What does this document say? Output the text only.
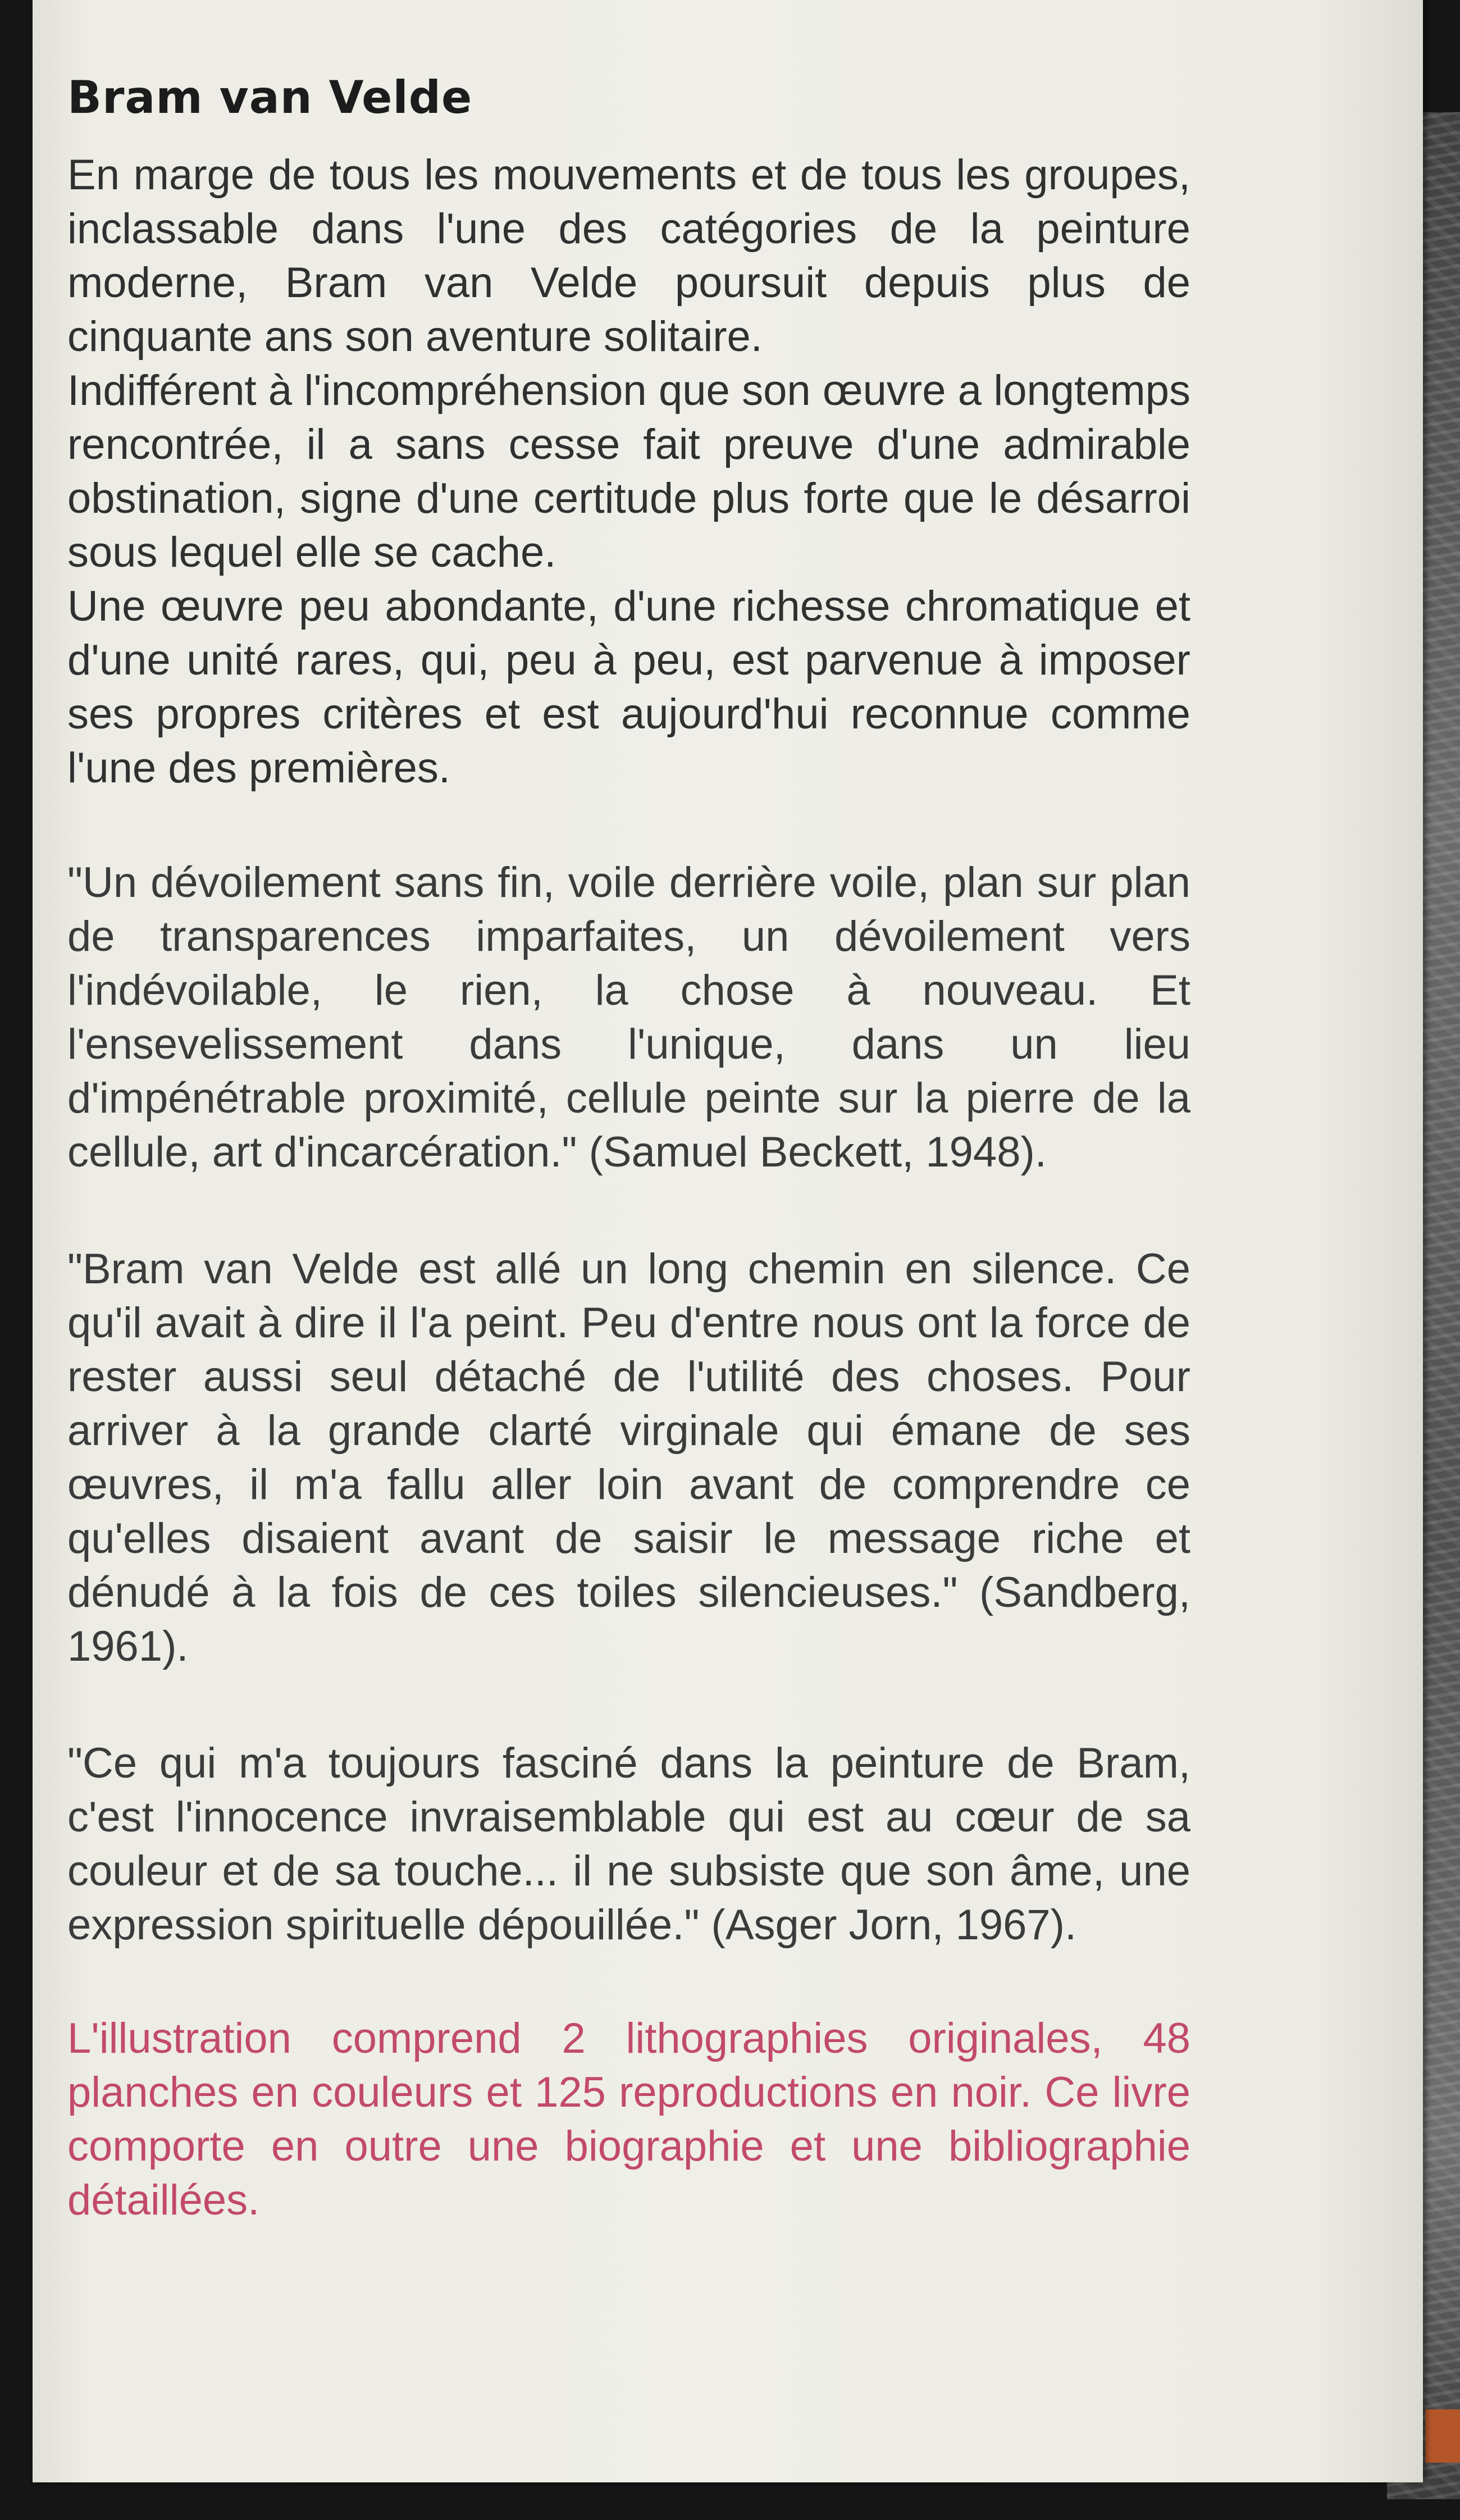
Bram van Velde

En marge de tous les mouvements et de tous les groupes, inclassable dans l'une des catégories de la peinture moderne, Bram van Velde poursuit depuis plus de cinquante ans son aventure solitaire.

Indifférent à l'incompréhension que son œuvre a longtemps rencontrée, il a sans cesse fait preuve d'une admirable obstination, signe d'une certitude plus forte que le désarroi sous lequel elle se cache.

Une œuvre peu abondante, d'une richesse chromatique et d'une unité rares, qui, peu à peu, est parvenue à imposer ses propres critères et est aujourd'hui reconnue comme l'une des premières.

"Un dévoilement sans fin, voile derrière voile, plan sur plan de transparences imparfaites, un dévoilement vers l'indévoilable, le rien, la chose à nouveau. Et l'ensevelissement dans l'unique, dans un lieu d'impénétrable proximité, cellule peinte sur la pierre de la cellule, art d'incarcération." (Samuel Beckett, 1948).

"Bram van Velde est allé un long chemin en silence. Ce qu'il avait à dire il l'a peint. Peu d'entre nous ont la force de rester aussi seul détaché de l'utilité des choses. Pour arriver à la grande clarté virginale qui émane de ses œuvres, il m'a fallu aller loin avant de comprendre ce qu'elles disaient avant de saisir le message riche et dénudé à la fois de ces toiles silencieuses." (Sandberg, 1961).

"Ce qui m'a toujours fasciné dans la peinture de Bram, c'est l'innocence invraisemblable qui est au cœur de sa couleur et de sa touche... il ne subsiste que son âme, une expression spirituelle dépouillée." (Asger Jorn, 1967).

L'illustration comprend 2 lithographies originales, 48 planches en couleurs et 125 reproductions en noir. Ce livre comporte en outre une biographie et une bibliographie détaillées.
